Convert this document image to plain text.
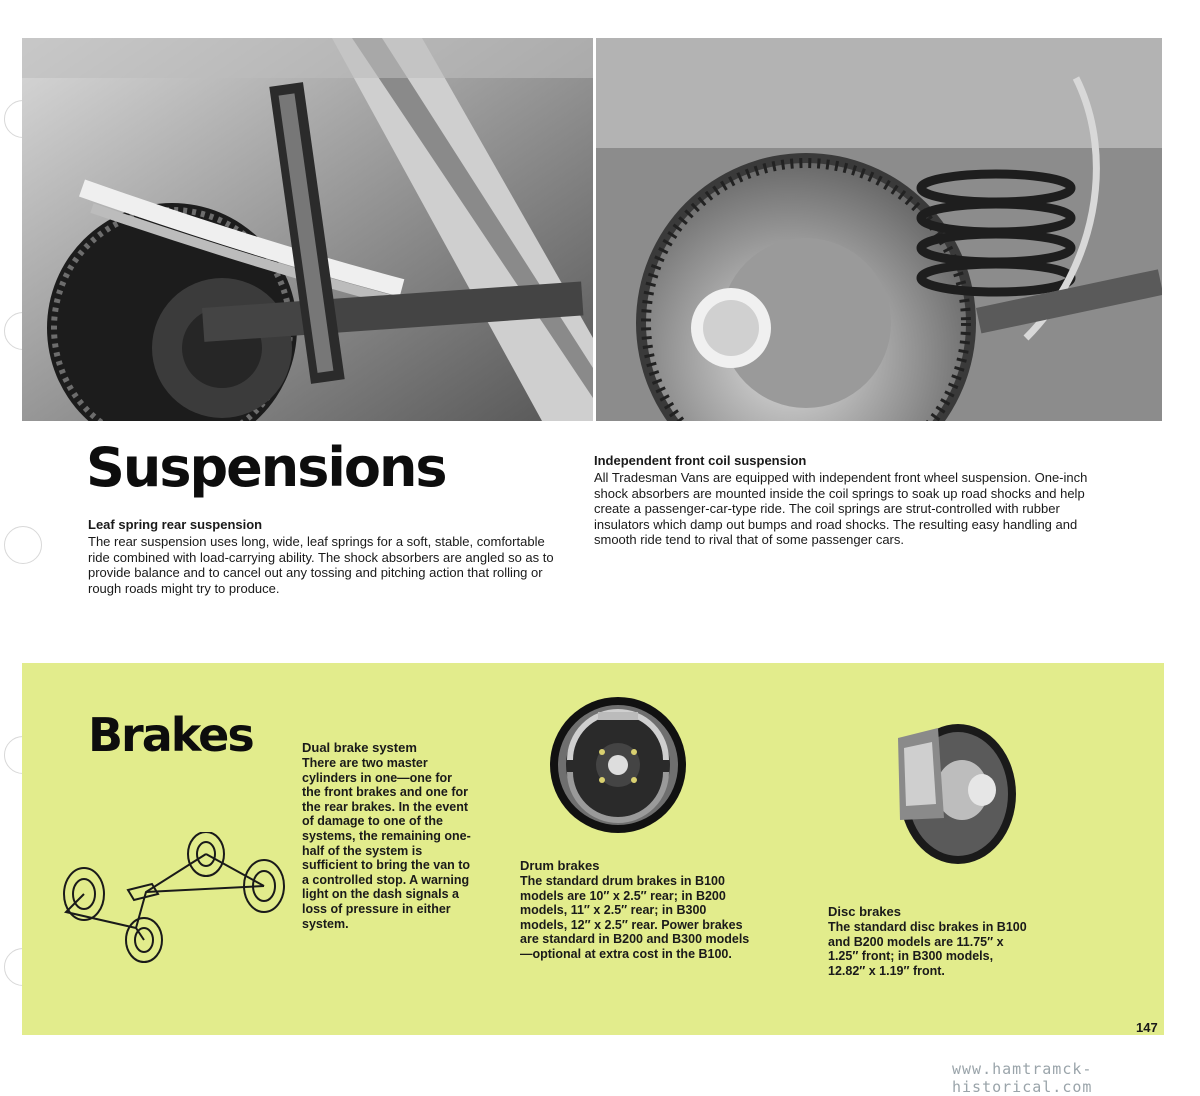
Suspensions
Leaf spring rear suspension
The rear suspension uses long, wide, leaf springs for a soft, stable, comfortable ride combined with load-carrying ability. The shock absorbers are angled so as to provide balance and to cancel out any tossing and pitching action that rolling or rough roads might try to produce.
Independent front coil suspension
All Tradesman Vans are equipped with independent front wheel suspension. One-inch shock absorbers are mounted inside the coil springs to soak up road shocks and help create a passenger-car-type ride. The coil springs are strut-controlled with rubber insulators which damp out bumps and road shocks. The resulting easy handling and smooth ride tend to rival that of some passenger cars.
Brakes	Dual brake system
There are two master cylinders in one—one for the front brakes and one for the rear brakes. In the event of damage to one of the systems, the remaining one-half of the system is sufficient to bring the van to a controlled stop. A warning light on the dash signals a loss of pressure in either system.
Drum brakes
The standard drum brakes in B100 models are 10″ x 2.5″ rear; in B200 models, 11″ x 2.5″ rear; in B300 models, 12″ x 2.5″ rear. Power brakes are standard in B200 and B300 models—optional at extra cost in the B100.
Disc brakes
The standard disc brakes in B100 and B200 models are 11.75″ x 1.25″ front; in B300 models, 12.82″ x 1.19″ front.
147
www.hamtramck-historical.com
